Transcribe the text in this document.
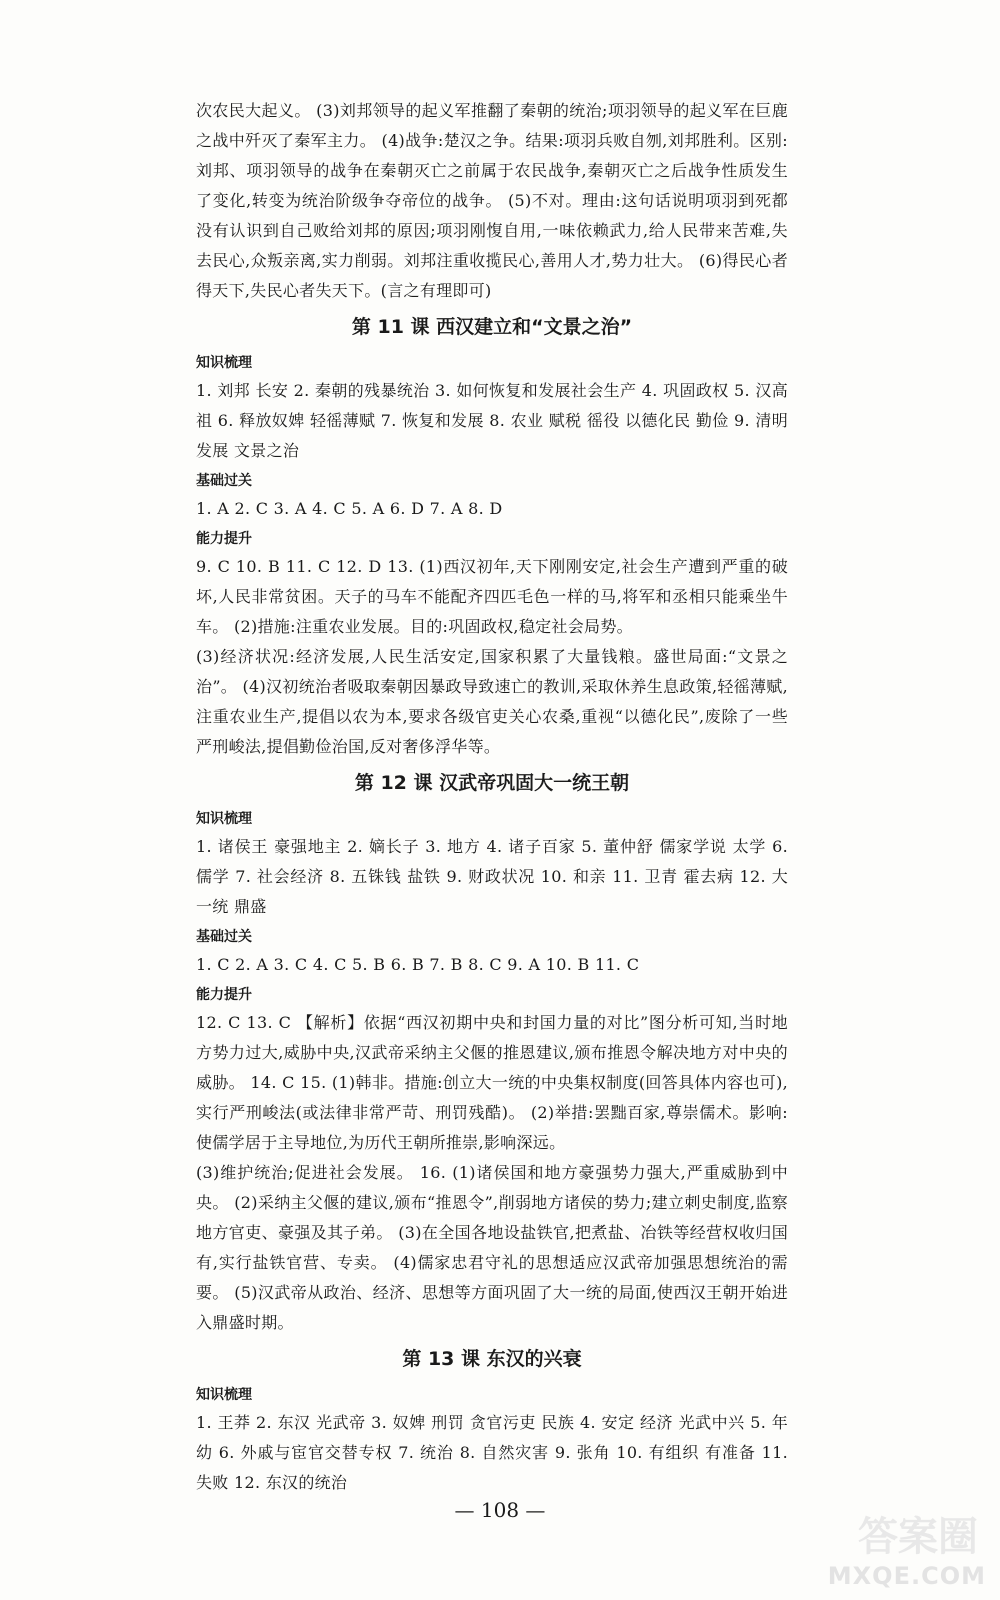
次农民大起义。 (3)刘邦领导的起义军推翻了秦朝的统治;项羽领导的起义军在巨鹿之战中歼灭了秦军主力。 (4)战争:楚汉之争。结果:项羽兵败自刎,刘邦胜利。区别:刘邦、项羽领导的战争在秦朝灭亡之前属于农民战争,秦朝灭亡之后战争性质发生了变化,转变为统治阶级争夺帝位的战争。 (5)不对。理由:这句话说明项羽到死都没有认识到自己败给刘邦的原因;项羽刚愎自用,一味依赖武力,给人民带来苦难,失去民心,众叛亲离,实力削弱。刘邦注重收揽民心,善用人才,势力壮大。 (6)得民心者得天下,失民心者失天下。(言之有理即可)

第 11 课 西汉建立和“文景之治”
知识梳理

1. 刘邦 长安 2. 秦朝的残暴统治 3. 如何恢复和发展社会生产 4. 巩固政权 5. 汉高祖 6. 释放奴婢 轻徭薄赋 7. 恢复和发展 8. 农业 赋税 徭役 以德化民 勤俭 9. 清明 发展 文景之治

基础过关

1. A 2. C 3. A 4. C 5. A 6. D 7. A 8. D

能力提升

9. C 10. B 11. C 12. D 13. (1)西汉初年,天下刚刚安定,社会生产遭到严重的破坏,人民非常贫困。天子的马车不能配齐四匹毛色一样的马,将军和丞相只能乘坐牛车。 (2)措施:注重农业发展。目的:巩固政权,稳定社会局势。

(3)经济状况:经济发展,人民生活安定,国家积累了大量钱粮。盛世局面:“文景之治”。 (4)汉初统治者吸取秦朝因暴政导致速亡的教训,采取休养生息政策,轻徭薄赋,注重农业生产,提倡以农为本,要求各级官吏关心农桑,重视“以德化民”,废除了一些严刑峻法,提倡勤俭治国,反对奢侈浮华等。

第 12 课 汉武帝巩固大一统王朝
知识梳理

1. 诸侯王 豪强地主 2. 嫡长子 3. 地方 4. 诸子百家 5. 董仲舒 儒家学说 太学 6. 儒学 7. 社会经济 8. 五铢钱 盐铁 9. 财政状况 10. 和亲 11. 卫青 霍去病 12. 大一统 鼎盛

基础过关

1. C 2. A 3. C 4. C 5. B 6. B 7. B 8. C 9. A 10. B 11. C

能力提升

12. C 13. C 【解析】依据“西汉初期中央和封国力量的对比”图分析可知,当时地方势力过大,威胁中央,汉武帝采纳主父偃的推恩建议,颁布推恩令解决地方对中央的威胁。 14. C 15. (1)韩非。措施:创立大一统的中央集权制度(回答具体内容也可),实行严刑峻法(或法律非常严苛、刑罚残酷)。 (2)举措:罢黜百家,尊崇儒术。影响:使儒学居于主导地位,为历代王朝所推崇,影响深远。

(3)维护统治;促进社会发展。 16. (1)诸侯国和地方豪强势力强大,严重威胁到中央。 (2)采纳主父偃的建议,颁布“推恩令”,削弱地方诸侯的势力;建立刺史制度,监察地方官吏、豪强及其子弟。 (3)在全国各地设盐铁官,把煮盐、冶铁等经营权收归国有,实行盐铁官营、专卖。 (4)儒家忠君守礼的思想适应汉武帝加强思想统治的需要。 (5)汉武帝从政治、经济、思想等方面巩固了大一统的局面,使西汉王朝开始进入鼎盛时期。

第 13 课 东汉的兴衰
知识梳理

1. 王莽 2. 东汉 光武帝 3. 奴婢 刑罚 贪官污吏 民族 4. 安定 经济 光武中兴 5. 年幼 6. 外戚与宦官交替专权 7. 统治 8. 自然灾害 9. 张角 10. 有组织 有准备 11. 失败 12. 东汉的统治

— 108 —
答案圈
MXQE.COM
